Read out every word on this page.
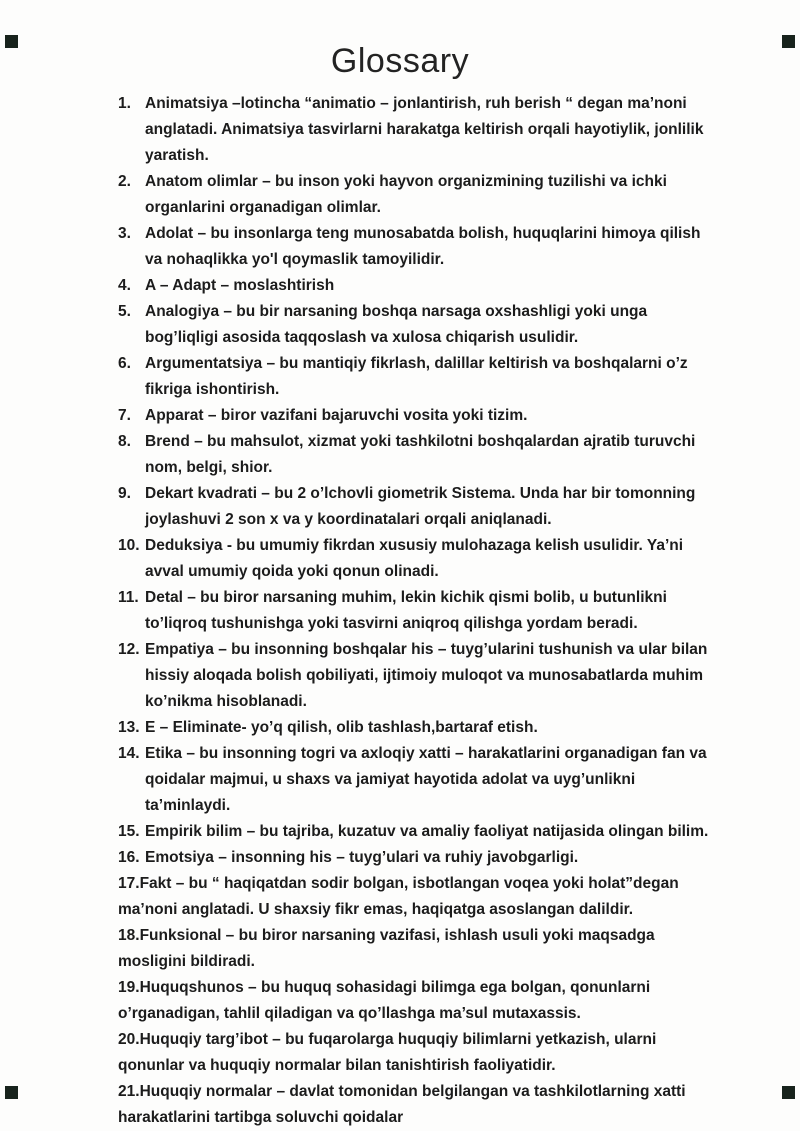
Glossary
1. Animatsiya –lotincha “animatio – jonlantirish, ruh berish “ degan ma’noni anglatadi. Animatsiya tasvirlarni harakatga keltirish orqali hayotiylik, jonlilik yaratish.
2. Anatom olimlar – bu inson yoki hayvon organizmining tuzilishi va ichki organlarini organadigan olimlar.
3. Adolat – bu insonlarga teng munosabatda bolish, huquqlarini himoya qilish va nohaqlikka yo'l qoymaslik tamoyilidir.
4. A – Adapt – moslashtirish
5. Analogiya – bu bir narsaning boshqa narsaga oxshashligi yoki unga bog’liqligi asosida taqqoslash va xulosa chiqarish usulidir.
6. Argumentatsiya – bu mantiqiy fikrlash, dalillar keltirish va boshqalarni o’z fikriga ishontirish.
7. Apparat – biror vazifani bajaruvchi vosita yoki tizim.
8. Brend – bu mahsulot, xizmat yoki tashkilotni boshqalardan ajratib turuvchi nom, belgi, shior.
9. Dekart kvadrati – bu 2 o’lchovli giometrik Sistema. Unda har bir tomonning joylashuvi 2 son x va y koordinatalari orqali aniqlanadi.
10. Deduksiya - bu umumiy fikrdan xususiy mulohazaga kelish usulidir. Ya’ni avval umumiy qoida yoki qonun olinadi.
11. Detal – bu biror narsaning muhim, lekin kichik qismi bolib, u butunlikni to’liqroq tushunishga yoki tasvirni aniqroq qilishga yordam beradi.
12. Empatiya – bu insonning boshqalar his – tuyg’ularini tushunish va ular bilan hissiy aloqada bolish qobiliyati, ijtimoiy muloqot va munosabatlarda muhim ko’nikma hisoblanadi.
13. E – Eliminate- yo’q qilish, olib tashlash,bartaraf etish.
14. Etika – bu insonning togri va axloqiy xatti – harakatlarini organadigan fan va qoidalar majmui, u shaxs va jamiyat hayotida adolat va uyg’unlikni ta’minlaydi.
15. Empirik bilim – bu tajriba, kuzatuv va amaliy faoliyat natijasida olingan bilim.
16. Emotsiya – insonning his – tuyg’ulari va ruhiy javobgarligi.
17.Fakt – bu “ haqiqatdan sodir bolgan, isbotlangan voqea yoki holat”degan ma’noni anglatadi. U shaxsiy fikr emas, haqiqatga asoslangan dalildir.
18.Funksional – bu biror narsaning vazifasi, ishlash usuli yoki maqsadga mosligini bildiradi.
19.Huquqshunos – bu huquq sohasidagi bilimga ega bolgan, qonunlarni o’rganadigan, tahlil qiladigan va qo’llashga ma’sul mutaxassis.
20.Huquqiy targ’ibot – bu fuqarolarga huquqiy bilimlarni yetkazish, ularni qonunlar va huquqiy normalar bilan tanishtirish faoliyatidir.
21.Huquqiy normalar – davlat tomonidan belgilangan va tashkilotlarning xatti harakatlarini tartibga soluvchi qoidalar
